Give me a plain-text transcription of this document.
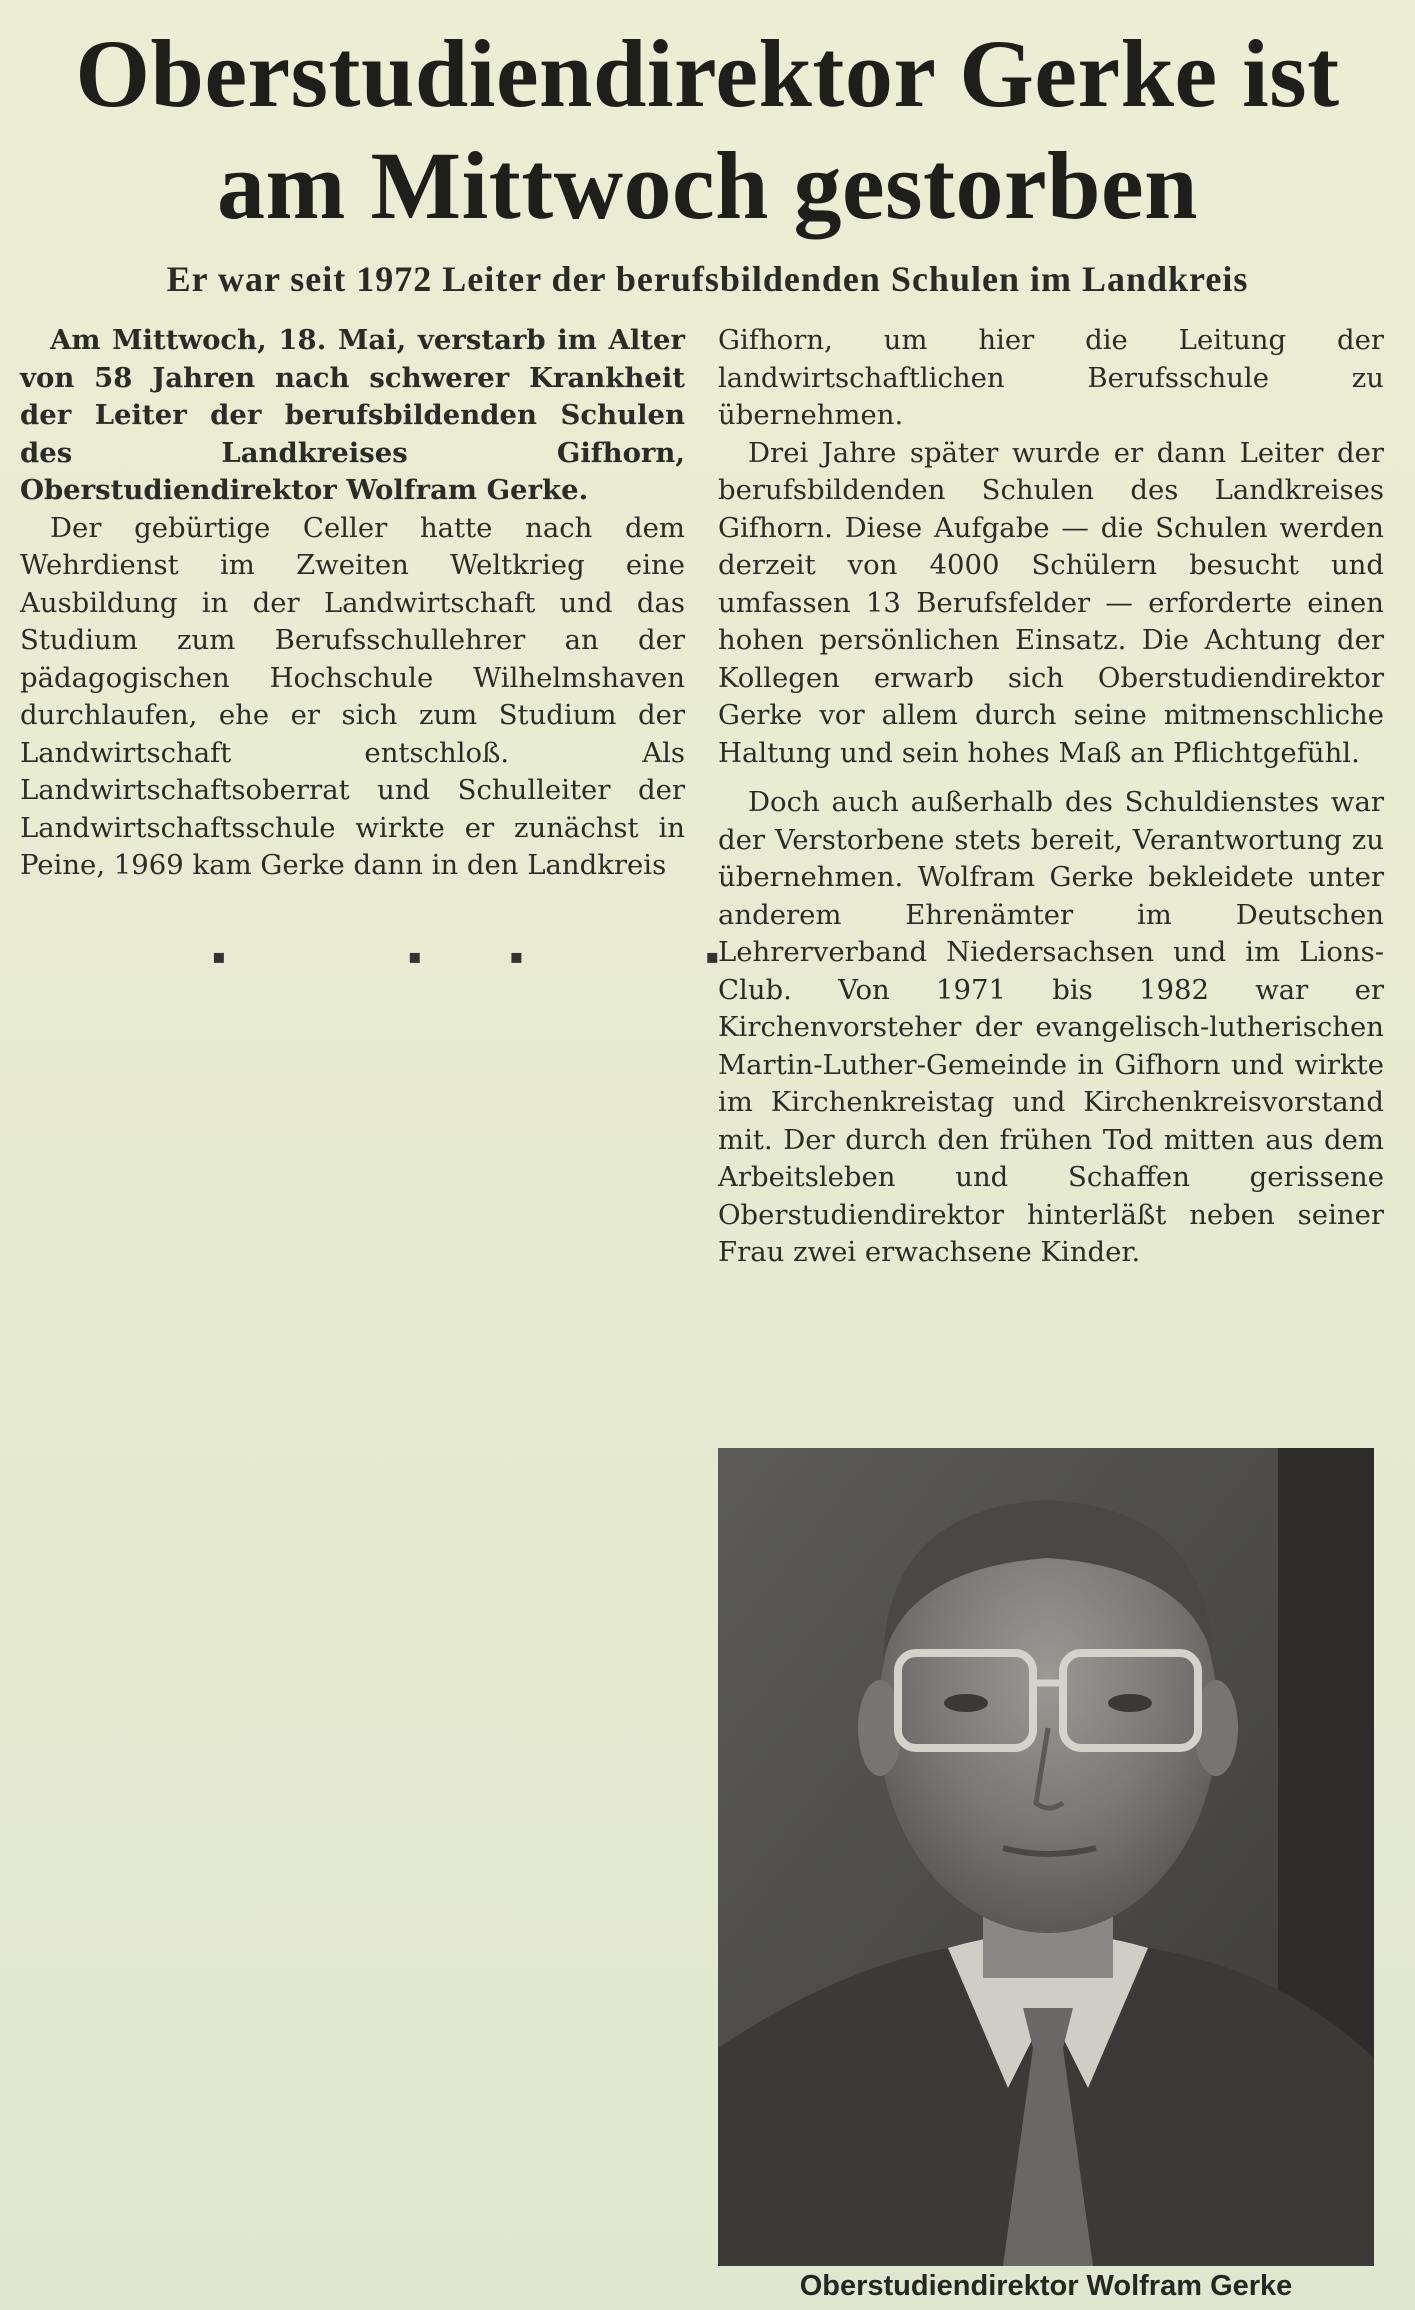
Oberstudiendirektor Gerke ist am Mittwoch gestorben
Er war seit 1972 Leiter der berufsbildenden Schulen im Landkreis

Am Mittwoch, 18. Mai, verstarb im Alter von 58 Jahren nach schwerer Krankheit der Leiter der berufsbildenden Schulen des Landkreises Gifhorn, Oberstudiendirektor Wolfram Gerke.

Der gebürtige Celler hatte nach dem Wehrdienst im Zweiten Weltkrieg eine Ausbildung in der Landwirtschaft und das Studium zum Berufsschullehrer an der pädagogischen Hochschule Wilhelmshaven durchlaufen, ehe er sich zum Studium der Landwirtschaft entschloß. Als Landwirtschaftsoberrat und Schulleiter der Landwirtschaftsschule wirkte er zunächst in Peine, 1969 kam Gerke dann in den Landkreis

▪ ▪▪ ▪

Gifhorn, um hier die Leitung der landwirtschaftlichen Berufsschule zu übernehmen.

Drei Jahre später wurde er dann Leiter der berufsbildenden Schulen des Landkreises Gifhorn. Diese Aufgabe — die Schulen werden derzeit von 4000 Schülern besucht und umfassen 13 Berufsfelder — erforderte einen hohen persönlichen Einsatz. Die Achtung der Kollegen erwarb sich Oberstudiendirektor Gerke vor allem durch seine mitmenschliche Haltung und sein hohes Maß an Pflichtgefühl.

Doch auch außerhalb des Schuldienstes war der Verstorbene stets bereit, Verantwortung zu übernehmen. Wolfram Gerke bekleidete unter anderem Ehrenämter im Deutschen Lehrerverband Niedersachsen und im Lions-Club. Von 1971 bis 1982 war er Kirchenvorsteher der evangelisch-lutherischen Martin-Luther-Gemeinde in Gifhorn und wirkte im Kirchenkreistag und Kirchenkreisvorstand mit. Der durch den frühen Tod mitten aus dem Arbeitsleben und Schaffen gerissene Oberstudiendirektor hinterläßt neben seiner Frau zwei erwachsene Kinder.

Oberstudiendirektor Wolfram Gerke
